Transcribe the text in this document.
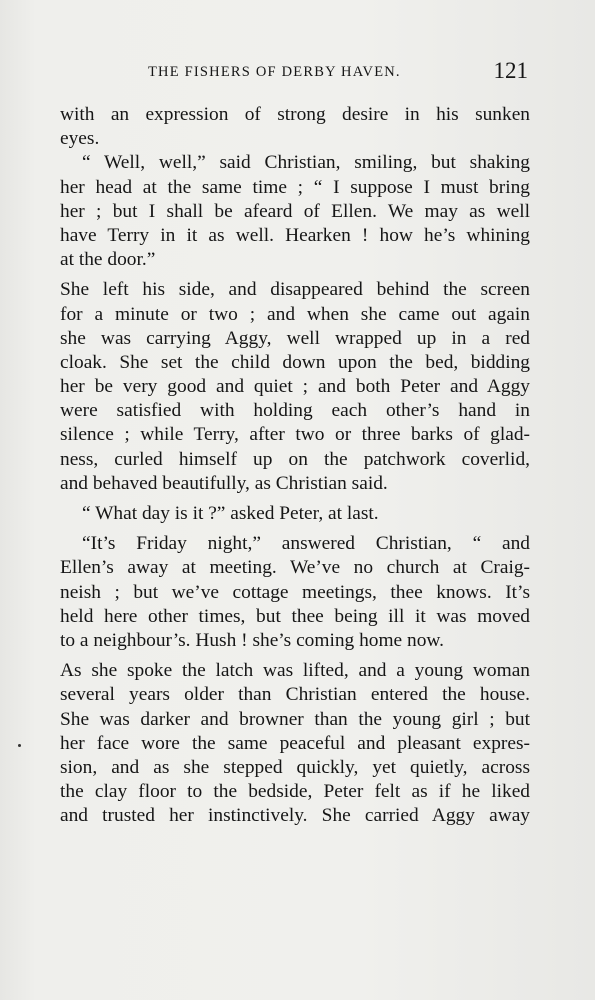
THE FISHERS OF DERBY HAVEN.	121
with an expression of strong desire in his sunken
eyes.
“ Well, well,” said Christian, smiling, but shaking
her head at the same time ; “ I suppose I must bring
her ; but I shall be afeard of Ellen. We may as well
have Terry in it as well. Hearken ! how he’s whining
at the door.”
She left his side, and disappeared behind the screen
for a minute or two ; and when she came out again
she was carrying Aggy, well wrapped up in a red
cloak. She set the child down upon the bed, bidding
her be very good and quiet ; and both Peter and Aggy
were satisfied with holding each other’s hand in
silence ; while Terry, after two or three barks of glad-
ness, curled himself up on the patchwork coverlid,
and behaved beautifully, as Christian said.
“ What day is it ?” asked Peter, at last.
“It’s Friday night,” answered Christian, “ and
Ellen’s away at meeting. We’ve no church at Craig-
neish ; but we’ve cottage meetings, thee knows. It’s
held here other times, but thee being ill it was moved
to a neighbour’s. Hush ! she’s coming home now.
As she spoke the latch was lifted, and a young woman
several years older than Christian entered the house.
She was darker and browner than the young girl ; but
her face wore the same peaceful and pleasant expres-
sion, and as she stepped quickly, yet quietly, across
the clay floor to the bedside, Peter felt as if he liked
and trusted her instinctively. She carried Aggy away
